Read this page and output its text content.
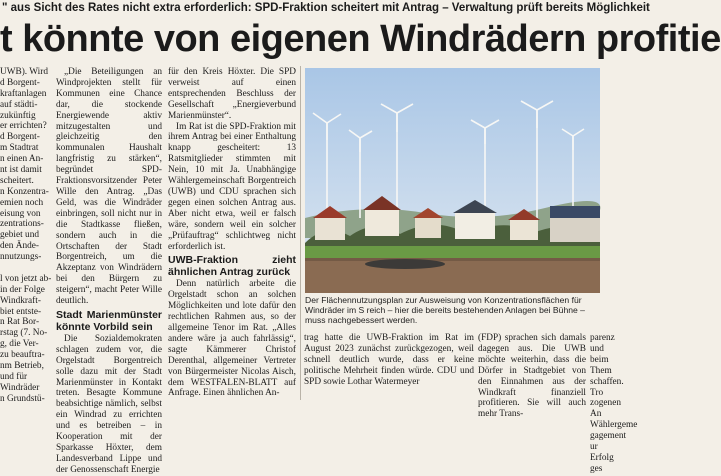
" aus Sicht des Rates nicht extra erforderlich: SPD-Fraktion scheitert mit Antrag – Verwaltung prüft bereits Möglichkeit
t könnte von eigenen Windrädern profitie
UWB). Wird
d Borgent-
kraftanlagen
auf städti-
zukünftig
er errichten?
d Borgent-
m Stadtrat
n einen An-
nt ist damit
scheitert.
n Konzentra-
emien noch
eisung von
zentrations-
gebiet und
den Ände-
nnutzungs-
l von jetzt ab-
in der Folge
Windkraft-
biet entste-
n Rat Bor-
rstag (7. No-
g, die Ver-
zu beauftra-
nm Betrieb,
und für
Windräder
n Grundstü-

„Die Beteiligungen an Windprojekten stellt für Kommunen eine Chance dar, die stockende Energiewende aktiv mitzugestalten und gleichzeitig den kommunalen Haushalt langfristig zu stärken“, begründet SPD-Fraktionsvorsitzender Peter Wille den Antrag. „Das Geld, was die Windräder einbringen, soll nicht nur in die Stadtkasse fließen, sondern auch in die Ortschaften der Stadt Borgentreich, um die Akzeptanz von Windrädern bei den Bürgern zu steigern“, macht Peter Wille deutlich.

Stadt Marienmünster könnte Vorbild sein

Die Sozialdemokraten schlagen zudem vor, die Orgelstadt Borgentreich solle dazu mit der Stadt Marienmünster in Kontakt treten. Besagte Kommune beabsichtige nämlich, selbst ein Windrad zu errichten und es betreiben – in Kooperation mit der Sparkasse Höxter, dem Landesverband Lippe und der Genossenschaft Energie

für den Kreis Höxter. Die SPD verweist auf einen entsprechenden Beschluss der Gesellschaft „Energieverbund Marienmünster“.

Im Rat ist die SPD-Fraktion mit ihrem Antrag bei einer Enthaltung knapp gescheitert: 13 Ratsmitglieder stimmten mit Nein, 10 mit Ja. Unabhängige Wählergemeinschaft Borgentreich (UWB) und CDU sprachen sich gegen einen solchen Antrag aus. Aber nicht etwa, weil er falsch wäre, sondern weil ein solcher „Prüfauftrag“ schlichtweg nicht erforderlich ist.

UWB-Fraktion zieht ähnlichen Antrag zurück

Denn natürlich arbeite die Orgelstadt schon an solchen Möglichkeiten und lote dafür den rechtlichen Rahmen aus, so der allgemeine Tenor im Rat. „Alles andere wäre ja auch fahrlässig“, sagte Kämmerer Christof Derenthal, allgemeiner Vertreter von Bürgermeister Nicolas Aisch, dem WESTFALEN-BLATT auf Anfrage. Einen ähnlichen An-

Der Flächennutzungsplan zur Ausweisung von Konzentrationsflächen für Windräder im S reich – hier die bereits bestehenden Anlagen bei Bühne – muss nachgebessert werden.

trag hatte die UWB-Fraktion im Rat im August 2023 zunächst zurückgezogen, weil schnell deutlich wurde, dass er keine politische Mehrheit finden würde. CDU und SPD sowie Lothar Watermeyer

(FDP) sprachen sich damals dagegen aus. Die UWB möchte weiterhin, dass die Dörfer in Stadtgebiet von den Einnahmen aus der Windkraft finanziell profitieren. Sie will auch mehr Trans-

parenz und beim Them schaffen. Tro zogenen An Wählergeme gagement ur Erfolg ges
